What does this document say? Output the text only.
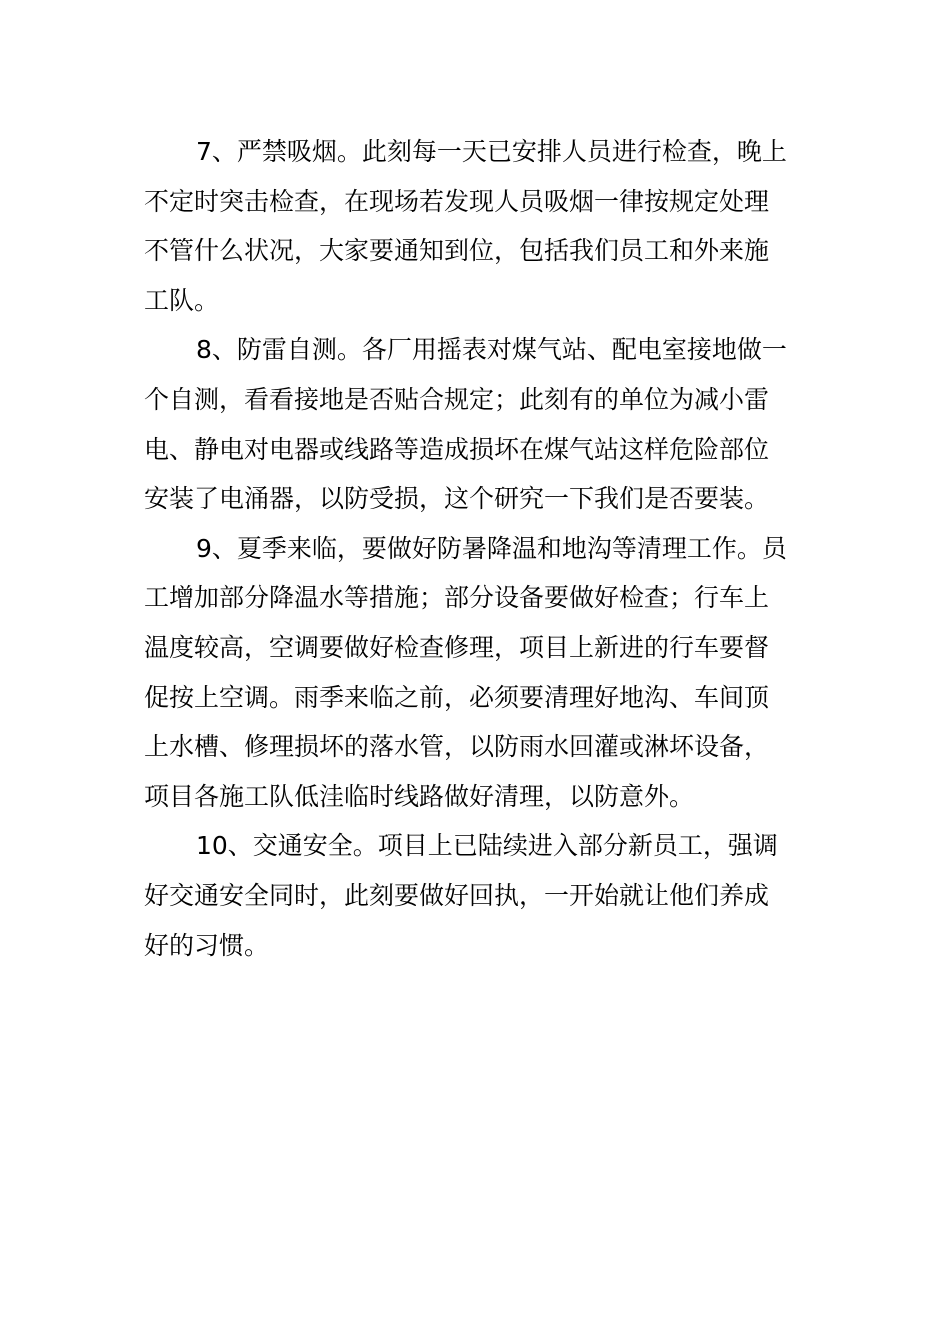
7、严禁吸烟。此刻每一天已安排人员进行检查，晚上
不定时突击检查，在现场若发现人员吸烟一律按规定处理
不管什么状况，大家要通知到位，包括我们员工和外来施
工队。
8、防雷自测。各厂用摇表对煤气站、配电室接地做一
个自测，看看接地是否贴合规定；此刻有的单位为减小雷
电、静电对电器或线路等造成损坏在煤气站这样危险部位
安装了电涌器，以防受损，这个研究一下我们是否要装。
9、夏季来临，要做好防暑降温和地沟等清理工作。员
工增加部分降温水等措施；部分设备要做好检查；行车上
温度较高，空调要做好检查修理，项目上新进的行车要督
促按上空调。雨季来临之前，必须要清理好地沟、车间顶
上水槽、修理损坏的落水管，以防雨水回灌或淋坏设备，
项目各施工队低洼临时线路做好清理，以防意外。
10、交通安全。项目上已陆续进入部分新员工，强调
好交通安全同时，此刻要做好回执，一开始就让他们养成
好的习惯。
